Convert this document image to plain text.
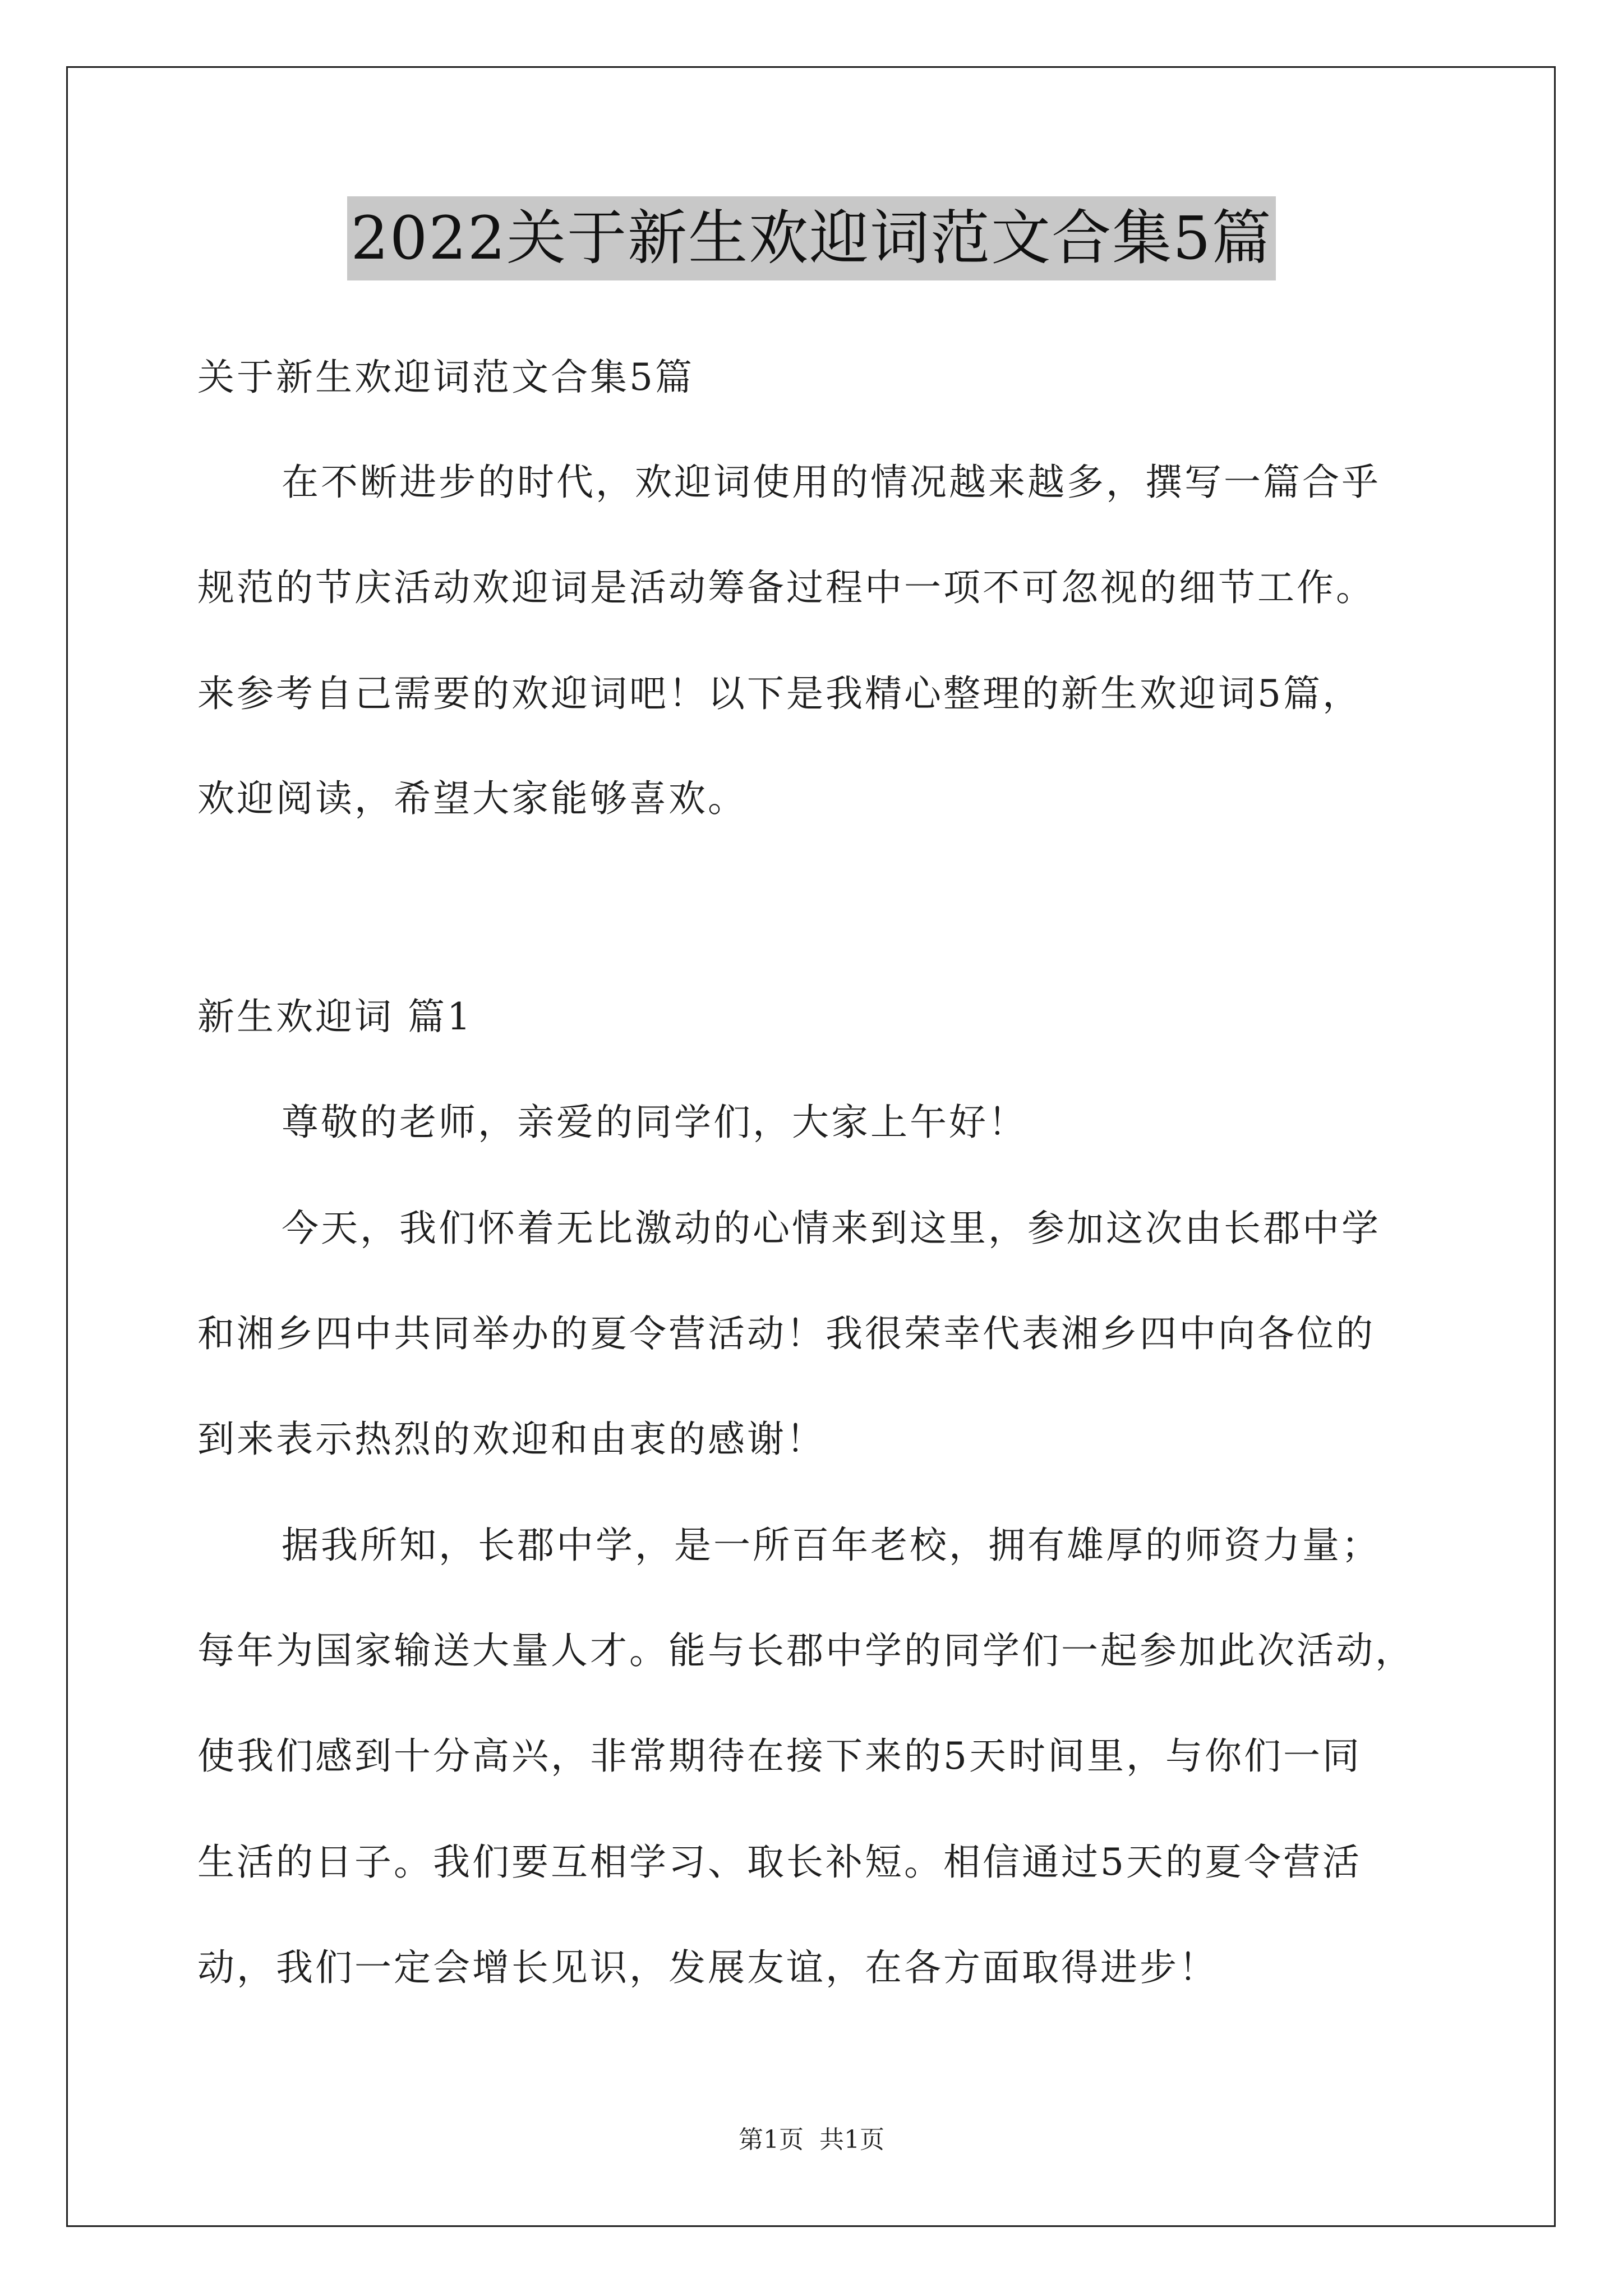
2022关于新生欢迎词范文合集5篇
关于新生欢迎词范文合集5篇
在不断进步的时代，欢迎词使用的情况越来越多，撰写一篇合乎
规范的节庆活动欢迎词是活动筹备过程中一项不可忽视的细节工作。
来参考自己需要的欢迎词吧！以下是我精心整理的新生欢迎词5篇，
欢迎阅读，希望大家能够喜欢。
新生欢迎词 篇1
尊敬的老师，亲爱的同学们，大家上午好！
今天，我们怀着无比激动的心情来到这里，参加这次由长郡中学
和湘乡四中共同举办的夏令营活动！我很荣幸代表湘乡四中向各位的
到来表示热烈的欢迎和由衷的感谢！
据我所知，长郡中学，是一所百年老校，拥有雄厚的师资力量；
每年为国家输送大量人才。能与长郡中学的同学们一起参加此次活动，
使我们感到十分高兴，非常期待在接下来的5天时间里，与你们一同
生活的日子。我们要互相学习、取长补短。相信通过5天的夏令营活
动，我们一定会增长见识，发展友谊，在各方面取得进步！
第1页 共1页
